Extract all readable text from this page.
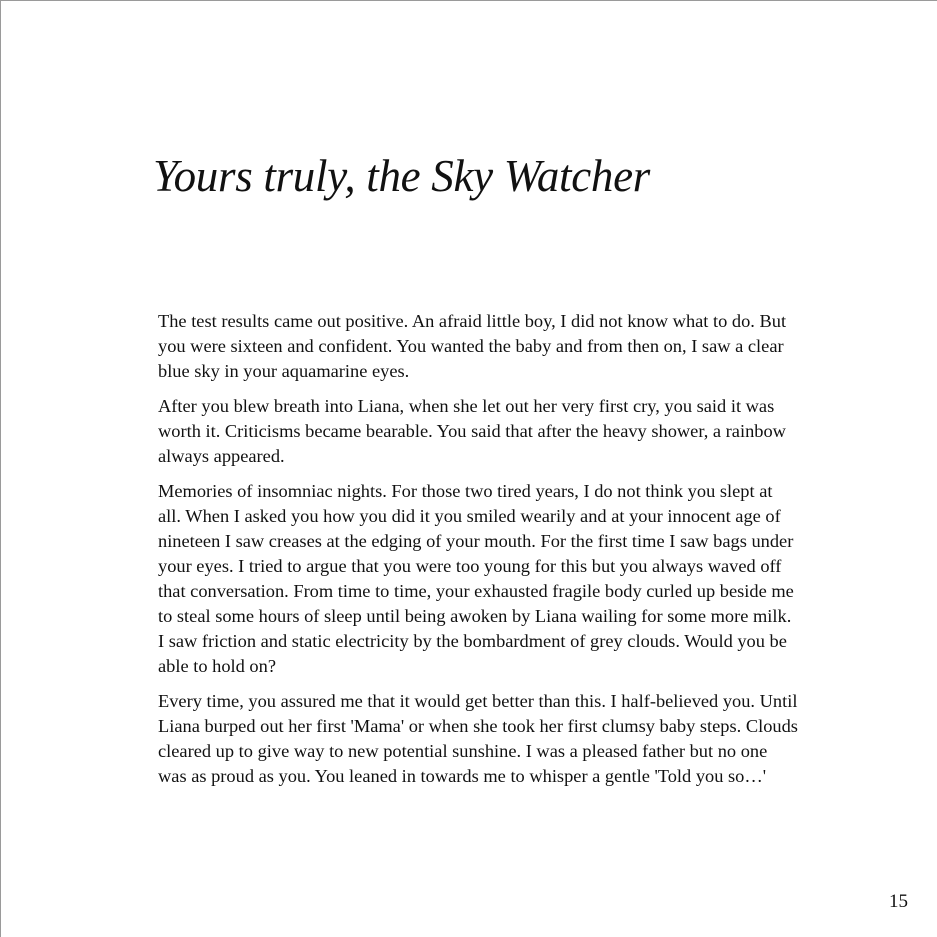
Yours truly, the Sky Watcher

The test results came out positive. An afraid little boy, I did not know what to do. But you were sixteen and confident. You wanted the baby and from then on, I saw a clear blue sky in your aquamarine eyes.

After you blew breath into Liana, when she let out her very first cry, you said it was worth it. Criticisms became bearable. You said that after the heavy shower, a rainbow always appeared.

Memories of insomniac nights. For those two tired years, I do not think you slept at all. When I asked you how you did it you smiled wearily and at your innocent age of nineteen I saw creases at the edging of your mouth. For the first time I saw bags under your eyes. I tried to argue that you were too young for this but you always waved off that conversation. From time to time, your exhausted fragile body curled up beside me to steal some hours of sleep until being awoken by Liana wailing for some more milk. I saw friction and static electricity by the bombardment of grey clouds. Would you be able to hold on?

Every time, you assured me that it would get better than this. I half-believed you. Until Liana burped out her first 'Mama' or when she took her first clumsy baby steps. Clouds cleared up to give way to new potential sunshine. I was a pleased father but no one was as proud as you. You leaned in towards me to whisper a gentle 'Told you so…'

15
